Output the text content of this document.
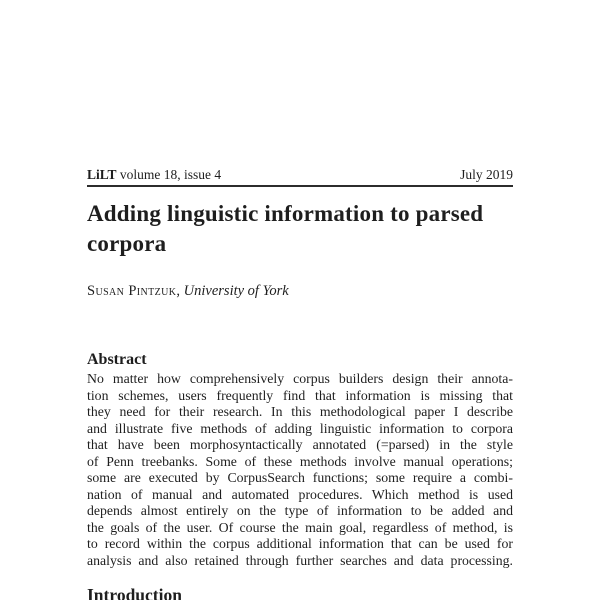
LiLT volume 18, issue 4	July 2019
Adding linguistic information to parsed
corpora
Susan Pintzuk, University of York
Abstract
No matter how comprehensively corpus builders design their annota-
tion schemes, users frequently find that information is missing that
they need for their research. In this methodological paper I describe
and illustrate five methods of adding linguistic information to corpora
that have been morphosyntactically annotated (=parsed) in the style
of Penn treebanks. Some of these methods involve manual operations;
some are executed by CorpusSearch functions; some require a combi-
nation of manual and automated procedures. Which method is used
depends almost entirely on the type of information to be added and
the goals of the user. Of course the main goal, regardless of method, is
to record within the corpus additional information that can be used for
analysis and also retained through further searches and data processing.
Introduction
